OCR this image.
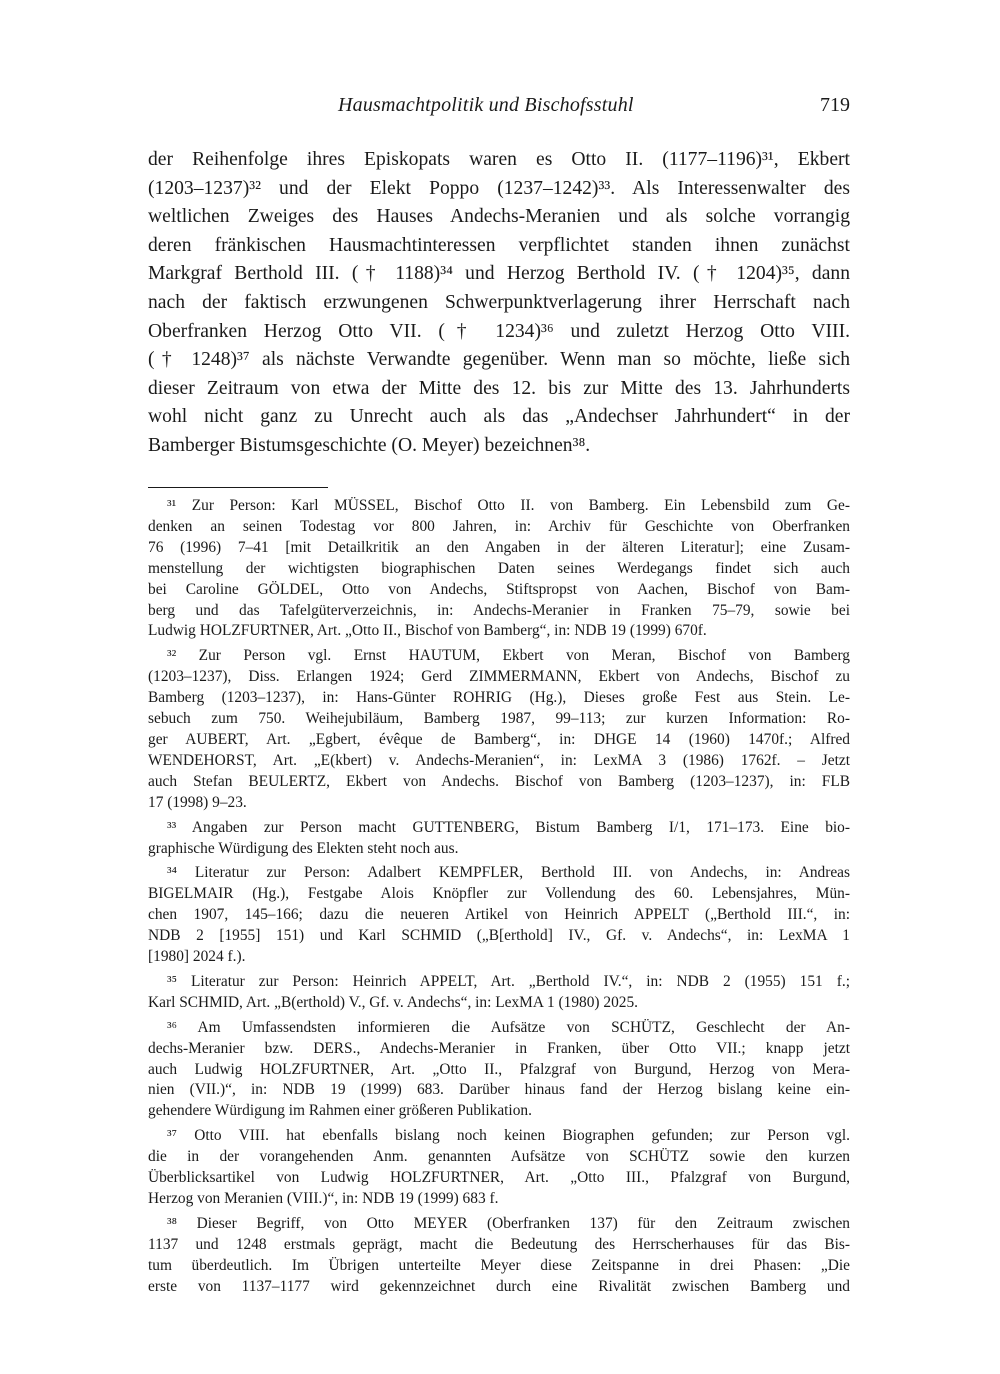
Hausmachtpolitik und Bischofsstuhl	719
der Reihenfolge ihres Episkopats waren es Otto II. (1177–1196)³¹, Ekbert
(1203–1237)³² und der Elekt Poppo (1237–1242)³³. Als Interessenwalter des
weltlichen Zweiges des Hauses Andechs-Meranien und als solche vorrangig
deren fränkischen Hausmachtinteressen verpflichtet standen ihnen zunächst
Markgraf Berthold III. († 1188)³⁴ und Herzog Berthold IV. († 1204)³⁵, dann
nach der faktisch erzwungenen Schwerpunktverlagerung ihrer Herrschaft nach
Oberfranken Herzog Otto VII. († 1234)³⁶ und zuletzt Herzog Otto VIII.
(† 1248)³⁷ als nächste Verwandte gegenüber. Wenn man so möchte, ließe sich
dieser Zeitraum von etwa der Mitte des 12. bis zur Mitte des 13. Jahrhunderts
wohl nicht ganz zu Unrecht auch als das „Andechser Jahrhundert“ in der
Bamberger Bistumsgeschichte (O. Meyer) bezeichnen³⁸.
³¹ Zur Person: Karl MÜSSEL, Bischof Otto II. von Bamberg. Ein Lebensbild zum Ge-
denken an seinen Todestag vor 800 Jahren, in: Archiv für Geschichte von Oberfranken
76 (1996) 7–41 [mit Detailkritik an den Angaben in der älteren Literatur]; eine Zusam-
menstellung der wichtigsten biographischen Daten seines Werdegangs findet sich auch
bei Caroline GÖLDEL, Otto von Andechs, Stiftspropst von Aachen, Bischof von Bam-
berg und das Tafelgüterverzeichnis, in: Andechs-Meranier in Franken 75–79, sowie bei
Ludwig HOLZFURTNER, Art. „Otto II., Bischof von Bamberg“, in: NDB 19 (1999) 670f.
³² Zur Person vgl. Ernst HAUTUM, Ekbert von Meran, Bischof von Bamberg
(1203–1237), Diss. Erlangen 1924; Gerd ZIMMERMANN, Ekbert von Andechs, Bischof zu
Bamberg (1203–1237), in: Hans-Günter ROHRIG (Hg.), Dieses große Fest aus Stein. Le-
sebuch zum 750. Weihejubiläum, Bamberg 1987, 99–113; zur kurzen Information: Ro-
ger AUBERT, Art. „Egbert, évêque de Bamberg“, in: DHGE 14 (1960) 1470f.; Alfred
WENDEHORST, Art. „E(kbert) v. Andechs-Meranien“, in: LexMA 3 (1986) 1762f. – Jetzt
auch Stefan BEULERTZ, Ekbert von Andechs. Bischof von Bamberg (1203–1237), in: FLB
17 (1998) 9–23.
³³ Angaben zur Person macht GUTTENBERG, Bistum Bamberg I/1, 171–173. Eine bio-
graphische Würdigung des Elekten steht noch aus.
³⁴ Literatur zur Person: Adalbert KEMPFLER, Berthold III. von Andechs, in: Andreas
BIGELMAIR (Hg.), Festgabe Alois Knöpfler zur Vollendung des 60. Lebensjahres, Mün-
chen 1907, 145–166; dazu die neueren Artikel von Heinrich APPELT („Berthold III.“, in:
NDB 2 [1955] 151) und Karl SCHMID („B[erthold] IV., Gf. v. Andechs“, in: LexMA 1
[1980] 2024 f.).
³⁵ Literatur zur Person: Heinrich APPELT, Art. „Berthold IV.“, in: NDB 2 (1955) 151 f.;
Karl SCHMID, Art. „B(erthold) V., Gf. v. Andechs“, in: LexMA 1 (1980) 2025.
³⁶ Am Umfassendsten informieren die Aufsätze von SCHÜTZ, Geschlecht der An-
dechs-Meranier bzw. DERS., Andechs-Meranier in Franken, über Otto VII.; knapp jetzt
auch Ludwig HOLZFURTNER, Art. „Otto II., Pfalzgraf von Burgund, Herzog von Mera-
nien (VII.)“, in: NDB 19 (1999) 683. Darüber hinaus fand der Herzog bislang keine ein-
gehendere Würdigung im Rahmen einer größeren Publikation.
³⁷ Otto VIII. hat ebenfalls bislang noch keinen Biographen gefunden; zur Person vgl.
die in der vorangehenden Anm. genannten Aufsätze von SCHÜTZ sowie den kurzen
Überblicksartikel von Ludwig HOLZFURTNER, Art. „Otto III., Pfalzgraf von Burgund,
Herzog von Meranien (VIII.)“, in: NDB 19 (1999) 683 f.
³⁸ Dieser Begriff, von Otto MEYER (Oberfranken 137) für den Zeitraum zwischen
1137 und 1248 erstmals geprägt, macht die Bedeutung des Herrscherhauses für das Bis-
tum überdeutlich. Im Übrigen unterteilte Meyer diese Zeitspanne in drei Phasen: „Die
erste von 1137–1177 wird gekennzeichnet durch eine Rivalität zwischen Bamberg und
